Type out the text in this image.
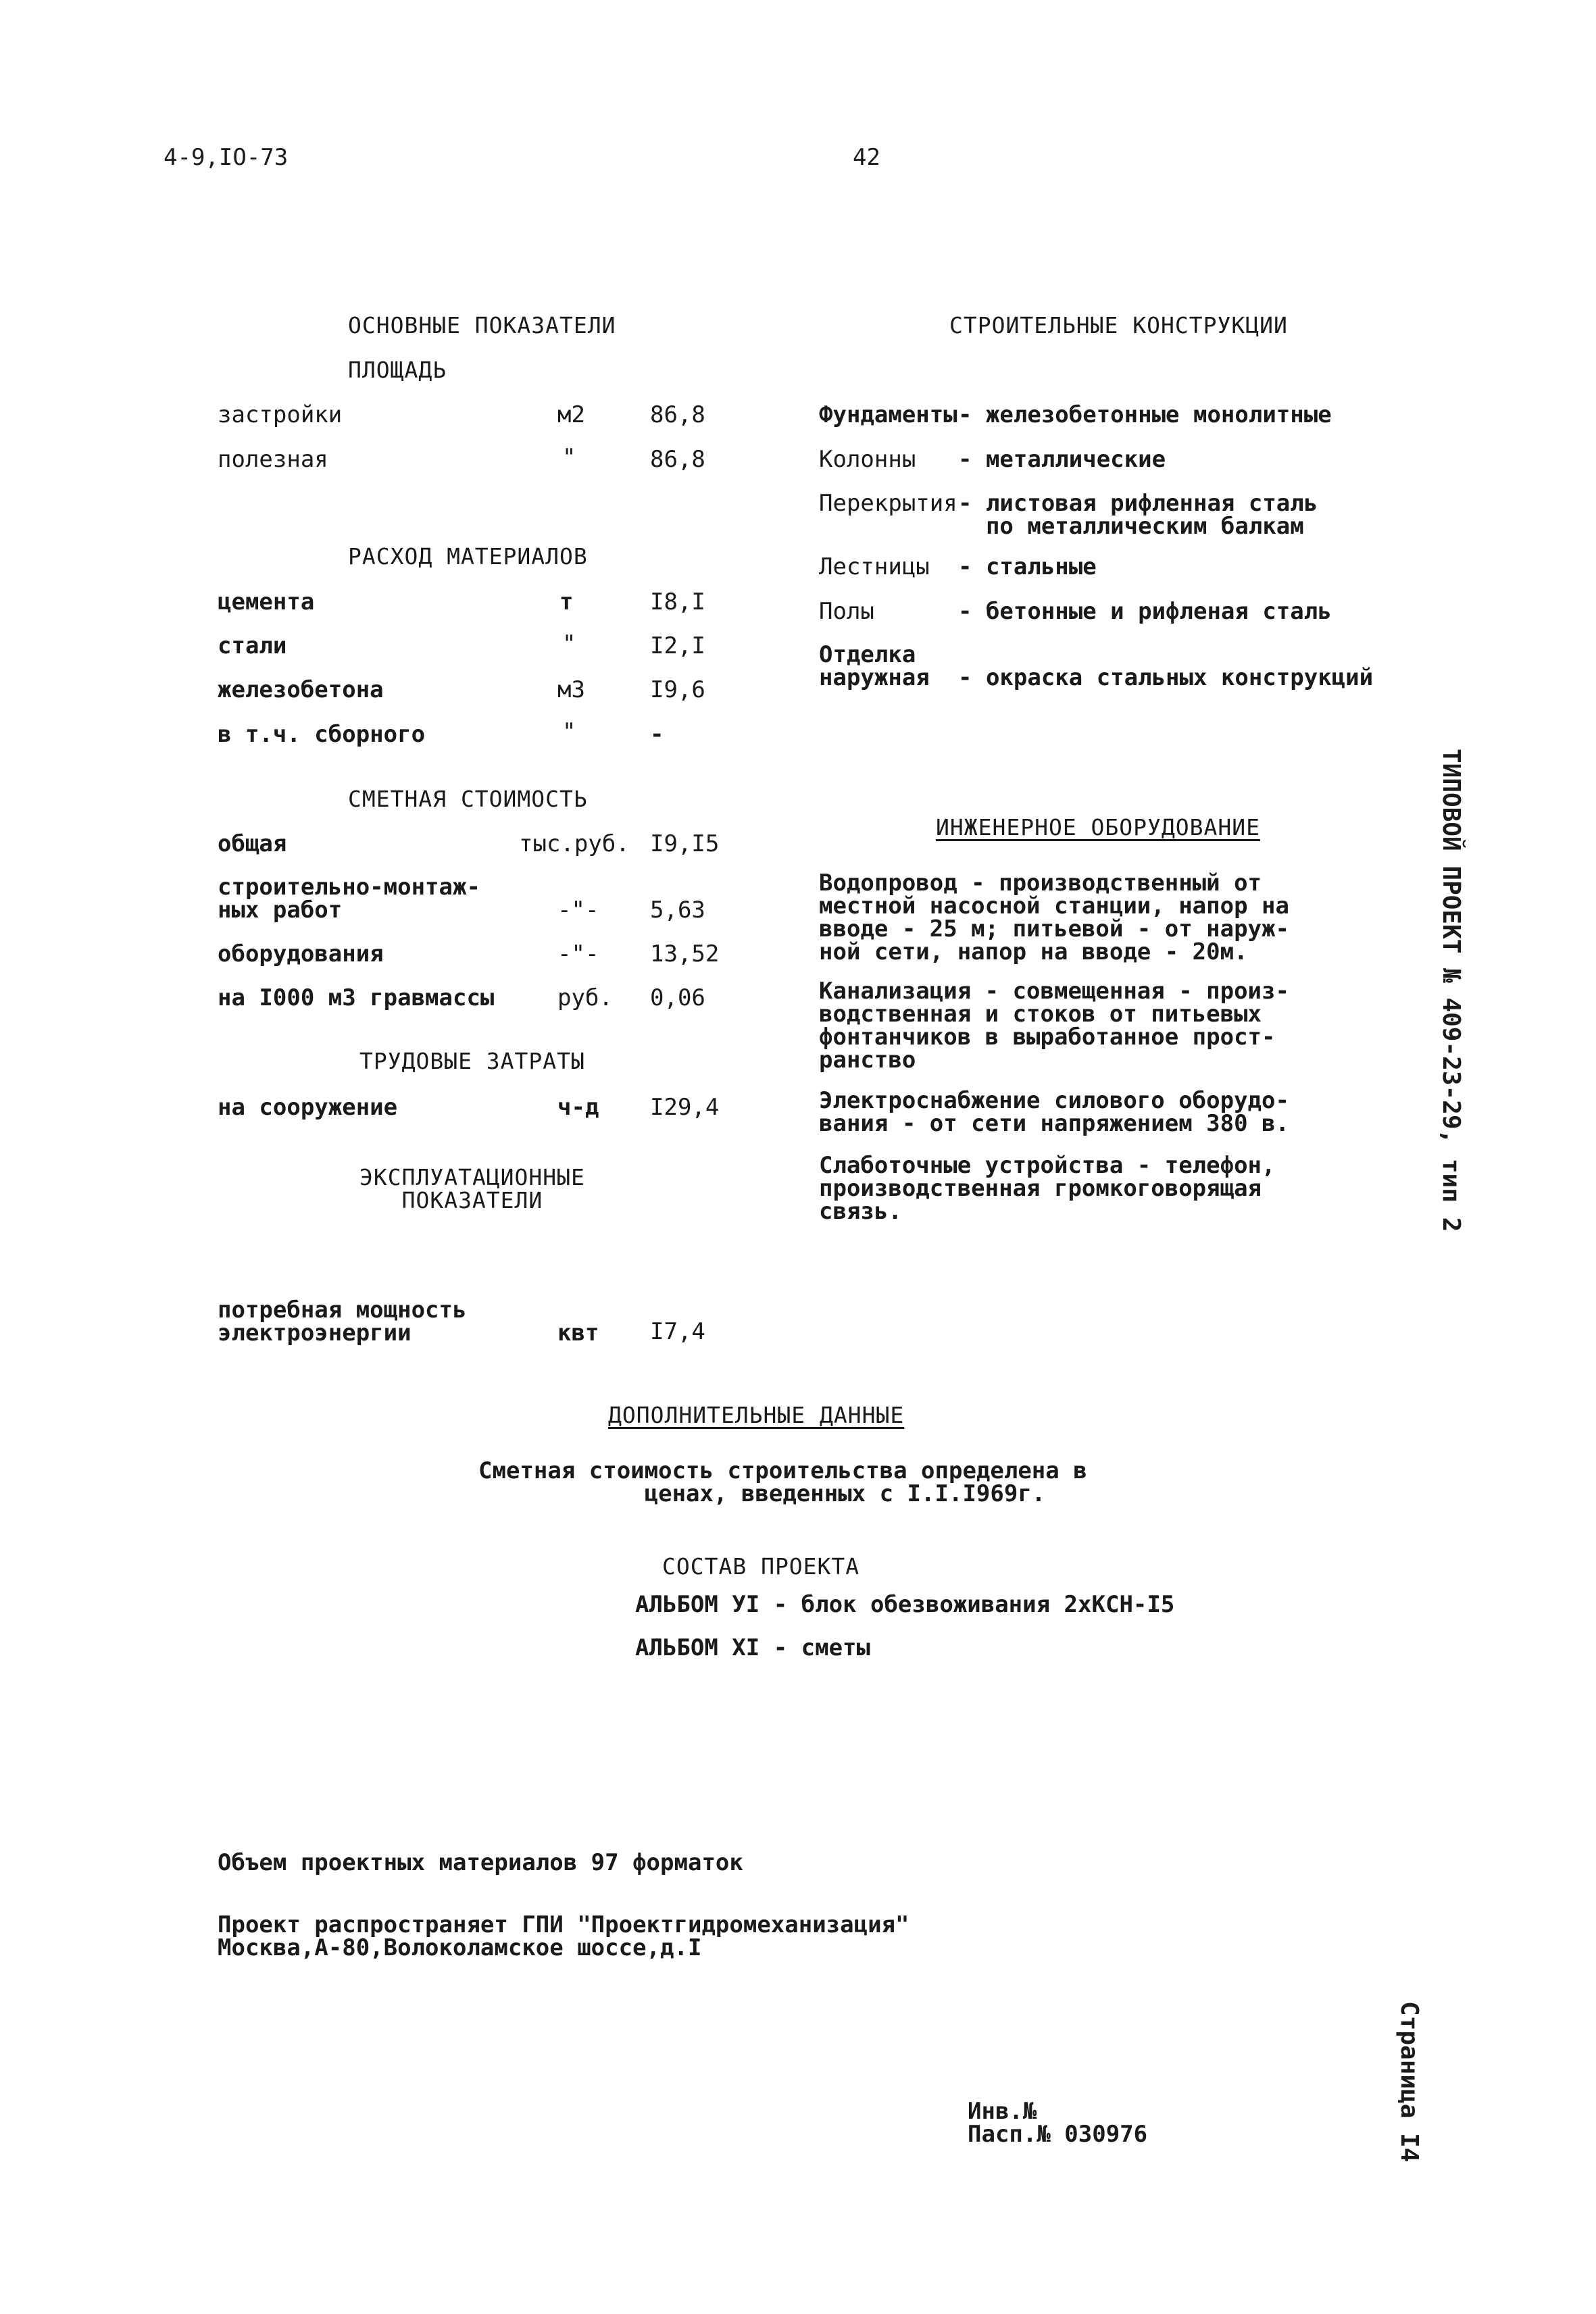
4-9,IO-73	42
ОСНОВНЫЕ ПОКАЗАТЕЛИ
ПЛОЩАДЬ
застройки	м2	86,8
полезная	"	86,8
РАСХОД МАТЕРИАЛОВ
цемента	т	I8,I
стали	"	I2,I
железобетона	м3	I9,6
в т.ч. сборного	"	-
СМЕТНАЯ СТОИМОСТЬ
общая	тыс.руб. I9,I5
строительно-монтаж-
ных работ	-"- 5,63
оборудования	-"- 13,52
на I000 м3 гравмассы	руб. 0,06
ТРУДОВЫЕ ЗАТРАТЫ
на сооружение	ч-д I29,4
ЭКСПЛУАТАЦИОННЫЕ
ПОКАЗАТЕЛИ
потребная мощность
электроэнергии	квт I7,4
СТРОИТЕЛЬНЫЕ КОНСТРУКЦИИ
Фундаменты - железобетонные монолитные
Колонны - металлические
Перекрытия - листовая рифленная сталь
по металлическим балкам
Лестницы - стальные
Полы	- бетонные и рифленая сталь
Отделка
наружная - окраска стальных конструкций
ИНЖЕНЕРНОЕ ОБОРУДОВАНИЕ
Водопровод - производственный от
местной насосной станции, напор на
вводе - 25 м; питьевой - от наруж-
ной сети, напор на вводе - 20м.
Канализация - совмещенная - произ-
водственная и стоков от питьевых
фонтанчиков в выработанное прост-
ранство
Электроснабжение силового оборудо-
вания - от сети напряжением 380 в.
Слаботочные устройства - телефон,
производственная громкоговорящая
связь.
ДОПОЛНИТЕЛЬНЫЕ ДАННЫЕ
Сметная стоимость строительства определена в
ценах, введенных с I.I.I969г.
СОСТАВ ПРОЕКТА
АЛЬБОМ УI - блок обезвоживания 2хКСН-I5
АЛЬБОМ XI - сметы
Объем проектных материалов 97 форматок
Проект распространяет ГПИ "Проектгидромеханизация"
Москва,А-80,Волоколамское шоссе,д.I
Инв.№
Пасп.№ 030976
ТИПОВОЙ ПРОЕКТ № 409-23-29, тип 2
Страница I4
